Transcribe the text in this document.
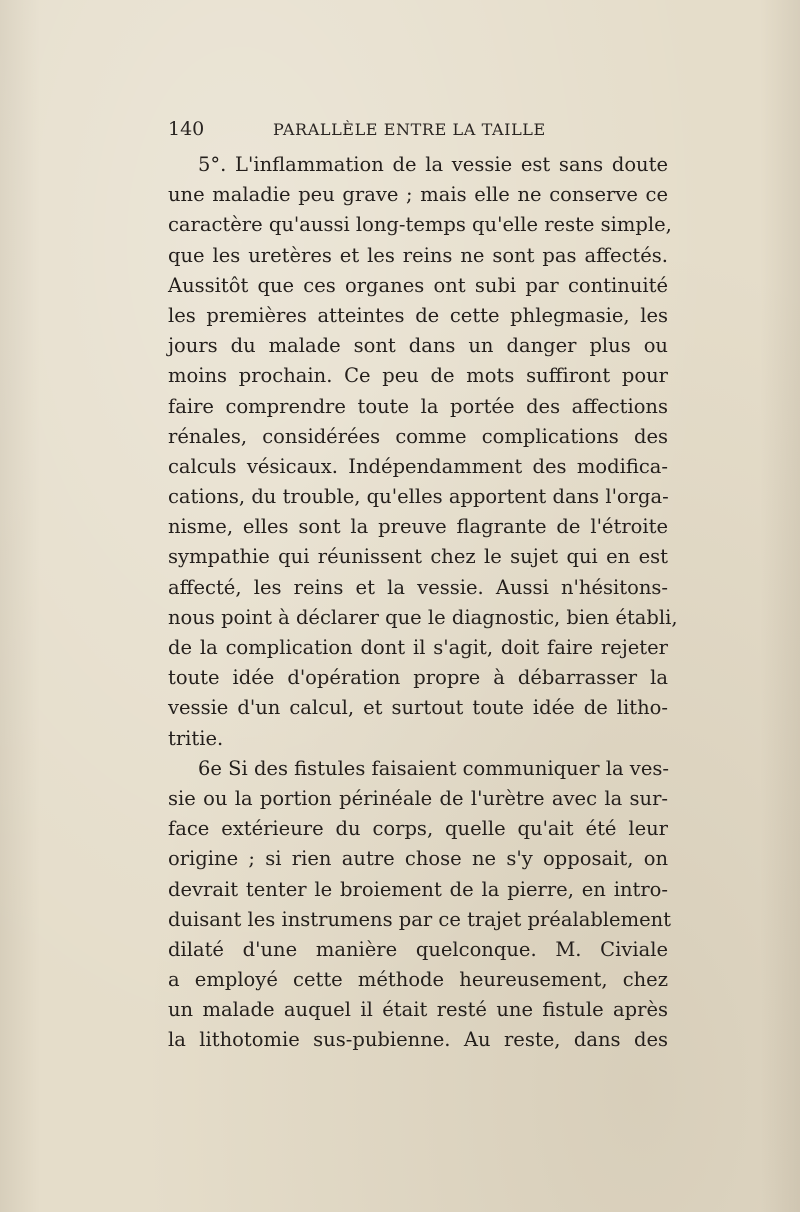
140	PARALLÈLE ENTRE LA TAILLE
5°. L'inflammation de la vessie est sans doute
une maladie peu grave ; mais elle ne conserve ce
caractère qu'aussi long-temps qu'elle reste simple,
que les uretères et les reins ne sont pas affectés.
Aussitôt que ces organes ont subi par continuité
les premières atteintes de cette phlegmasie, les
jours du malade sont dans un danger plus ou
moins prochain. Ce peu de mots suffiront pour
faire comprendre toute la portée des affections
rénales, considérées comme complications des
calculs vésicaux. Indépendamment des modifica-
cations, du trouble, qu'elles apportent dans l'orga-
nisme, elles sont la preuve flagrante de l'étroite
sympathie qui réunissent chez le sujet qui en est
affecté, les reins et la vessie. Aussi n'hésitons-
nous point à déclarer que le diagnostic, bien établi,
de la complication dont il s'agit, doit faire rejeter
toute idée d'opération propre à débarrasser la
vessie d'un calcul, et surtout toute idée de litho-
tritie.
6e Si des fistules faisaient communiquer la ves-
sie ou la portion périnéale de l'urètre avec la sur-
face extérieure du corps, quelle qu'ait été leur
origine ; si rien autre chose ne s'y opposait, on
devrait tenter le broiement de la pierre, en intro-
duisant les instrumens par ce trajet préalablement
dilaté d'une manière quelconque. M. Civiale
a employé cette méthode heureusement, chez
un malade auquel il était resté une fistule après
la lithotomie sus-pubienne. Au reste, dans des
